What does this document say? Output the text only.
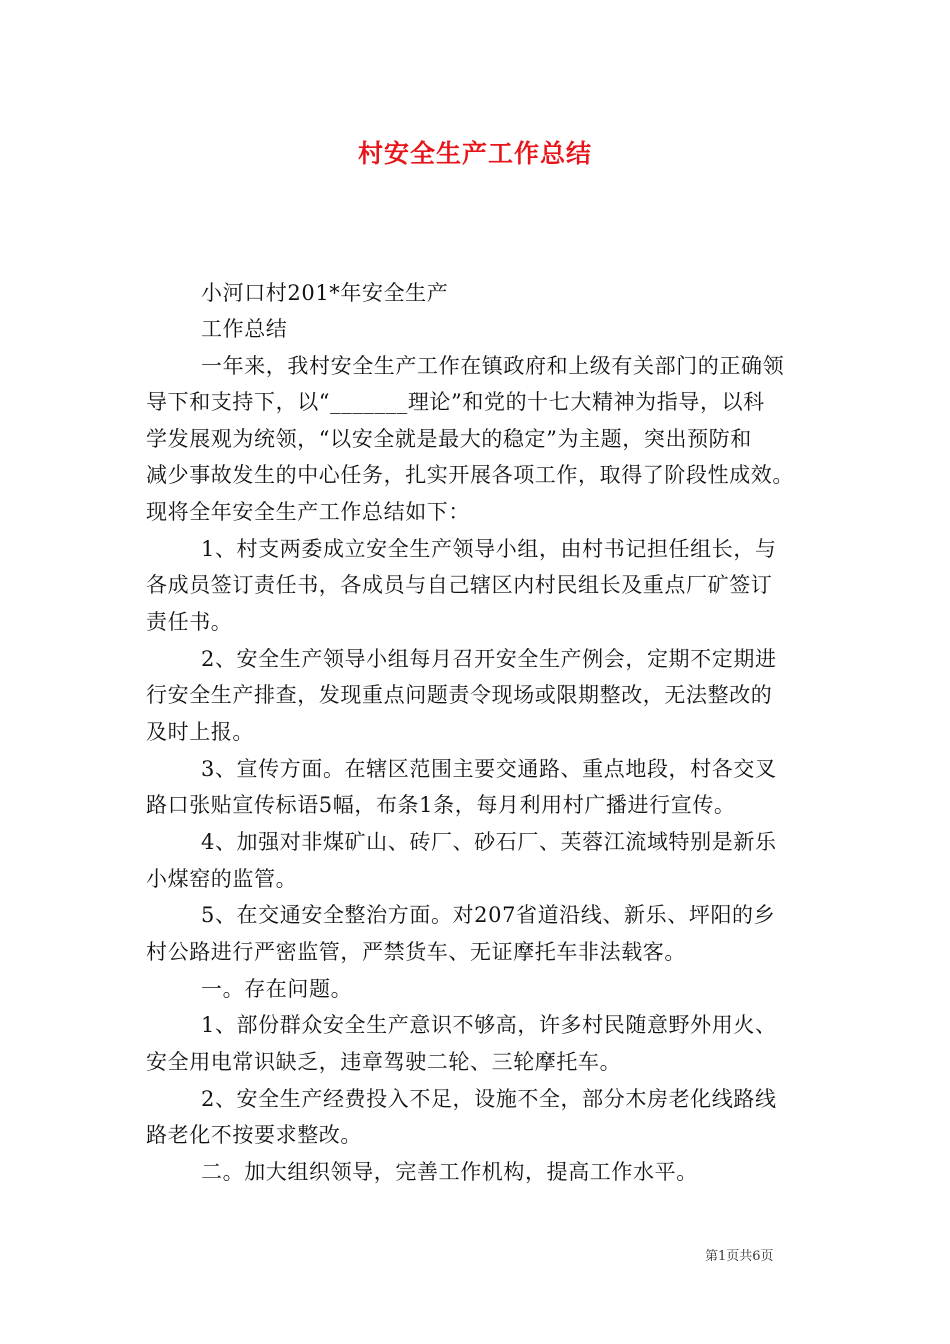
村安全生产工作总结
小河口村201*年安全生产
工作总结
一年来，我村安全生产工作在镇政府和上级有关部门的正确领
导下和支持下，以“_______理论”和党的十七大精神为指导，以科
学发展观为统领，“以安全就是最大的稳定”为主题，突出预防和
减少事故发生的中心任务，扎实开展各项工作，取得了阶段性成效。
现将全年安全生产工作总结如下：
1、村支两委成立安全生产领导小组，由村书记担任组长，与
各成员签订责任书，各成员与自己辖区内村民组长及重点厂矿签订
责任书。
2、安全生产领导小组每月召开安全生产例会，定期不定期进
行安全生产排查，发现重点问题责令现场或限期整改，无法整改的
及时上报。
3、宣传方面。在辖区范围主要交通路、重点地段，村各交叉
路口张贴宣传标语5幅，布条1条，每月利用村广播进行宣传。
4、加强对非煤矿山、砖厂、砂石厂、芙蓉江流域特别是新乐
小煤窑的监管。
5、在交通安全整治方面。对207省道沿线、新乐、坪阳的乡
村公路进行严密监管，严禁货车、无证摩托车非法载客。
一。存在问题。
1、部份群众安全生产意识不够高，许多村民随意野外用火、
安全用电常识缺乏，违章驾驶二轮、三轮摩托车。
2、安全生产经费投入不足，设施不全，部分木房老化线路线
路老化不按要求整改。
二。加大组织领导，完善工作机构，提高工作水平。
第1页共6页
